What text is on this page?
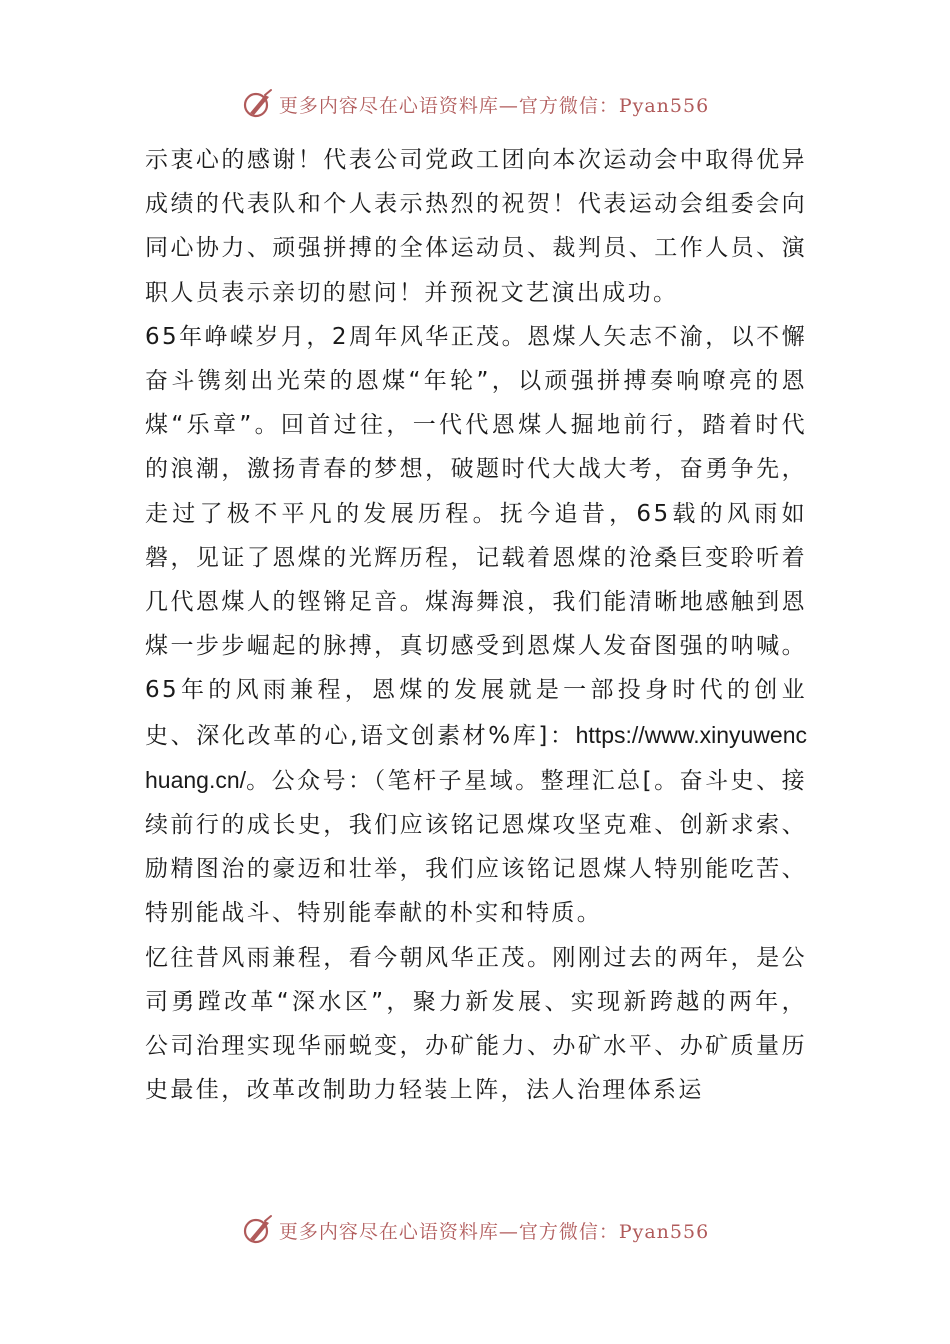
更多内容尽在心语资料库—官方微信：Pyan556

示衷心的感谢！代表公司党政工团向本次运动会中取得优异成绩的代表队和个人表示热烈的祝贺！代表运动会组委会向同心协力、顽强拼搏的全体运动员、裁判员、工作人员、演职人员表示亲切的慰问！并预祝文艺演出成功。

65年峥嵘岁月，2周年风华正茂。恩煤人矢志不渝，以不懈奋斗镌刻出光荣的恩煤“年轮”，以顽强拼搏奏响嘹亮的恩煤“乐章”。回首过往，一代代恩煤人掘地前行，踏着时代的浪潮，激扬青春的梦想，破题时代大战大考，奋勇争先，走过了极不平凡的发展历程。抚今追昔，65载的风雨如磐，见证了恩煤的光辉历程，记载着恩煤的沧桑巨变聆听着几代恩煤人的铿锵足音。煤海舞浪，我们能清晰地感触到恩煤一步步崛起的脉搏，真切感受到恩煤人发奋图强的呐喊。65年的风雨兼程，恩煤的发展就是一部投身时代的创业史、深化改革的心,语文创素材%库]：https://www.xinyuwenchuang.cn/。公众号：（笔杆子星域。整理汇总[。奋斗史、接续前行的成长史，我们应该铭记恩煤攻坚克难、创新求索、励精图治的豪迈和壮举，我们应该铭记恩煤人特别能吃苦、特别能战斗、特别能奉献的朴实和特质。

忆往昔风雨兼程，看今朝风华正茂。刚刚过去的两年，是公司勇蹚改革“深水区”，聚力新发展、实现新跨越的两年，公司治理实现华丽蜕变，办矿能力、办矿水平、办矿质量历史最佳，改革改制助力轻装上阵，法人治理体系运

更多内容尽在心语资料库—官方微信：Pyan556
